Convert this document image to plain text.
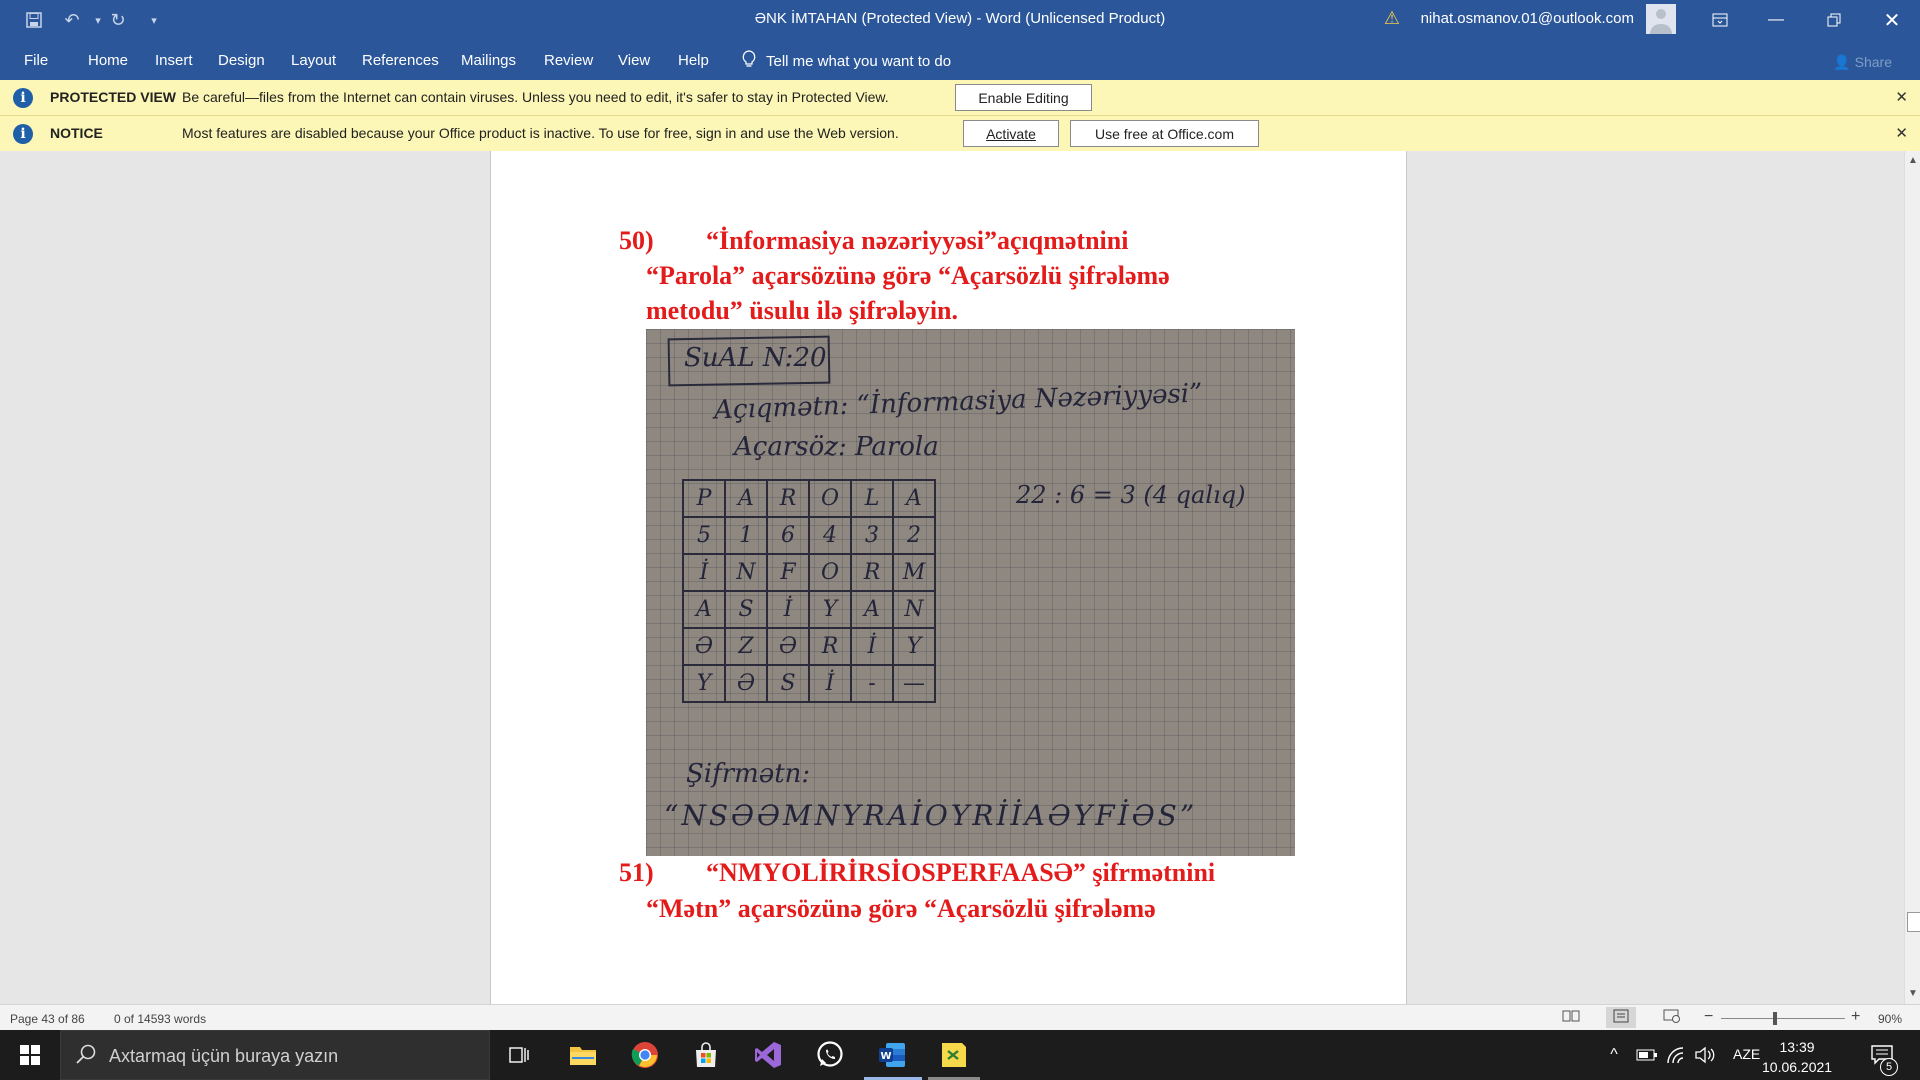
↶	▾ ↻	▾	ƏNK İMTAHAN (Protected View) - Word (Unlicensed Product)	⚠ nihat.osmanov.01@outlook.com	—	✕
File	Home Insert Design Layout References Mailings Review View Help	Tell me what you want to do	👤 Share
i	PROTECTED VIEW Be careful—files from the Internet can contain viruses. Unless you need to edit, it's safer to stay in Protected View.	Enable Editing	✕
i	NOTICE	Most features are disabled because your Office product is inactive. To use for free, sign in and use the Web version.	Activate	Use free at Office.com	✕
50) “İnformasiya nəzəriyyəsi”açıqmətnini
“Parola” açarsözünə görə “Açarsözlü şifrələmə
metodu” üsulu ilə şifrələyin.
SuAL N:20
Açıqmətn: “İnformasiya Nəzəriyyəsi”
Açarsöz: Parola
22 : 6 = 3 (4 qalıq)
P	A	R	O	L	A
5	1	6	4	3	2
İ	N	F	O	R	M
A	S	İ	Y	A	N
Ə	Z	Ə	R	İ	Y
Y	Ə	S	İ	-	—
Şifrmətn:
“NSƏƏMNYRAİOYRİİAƏYFİƏS”
51) “NMYOLİRİRSİOSPERFAASƏ” şifrmətnini
“Mətn” açarsözünə görə “Açarsözlü şifrələmə
▲
▼
Page 43 of 86 0 of 14593 words	−	+ 90%
Axtarmaq üçün buraya yazın	W	^	AZE	13:39
10.06.2021	5
